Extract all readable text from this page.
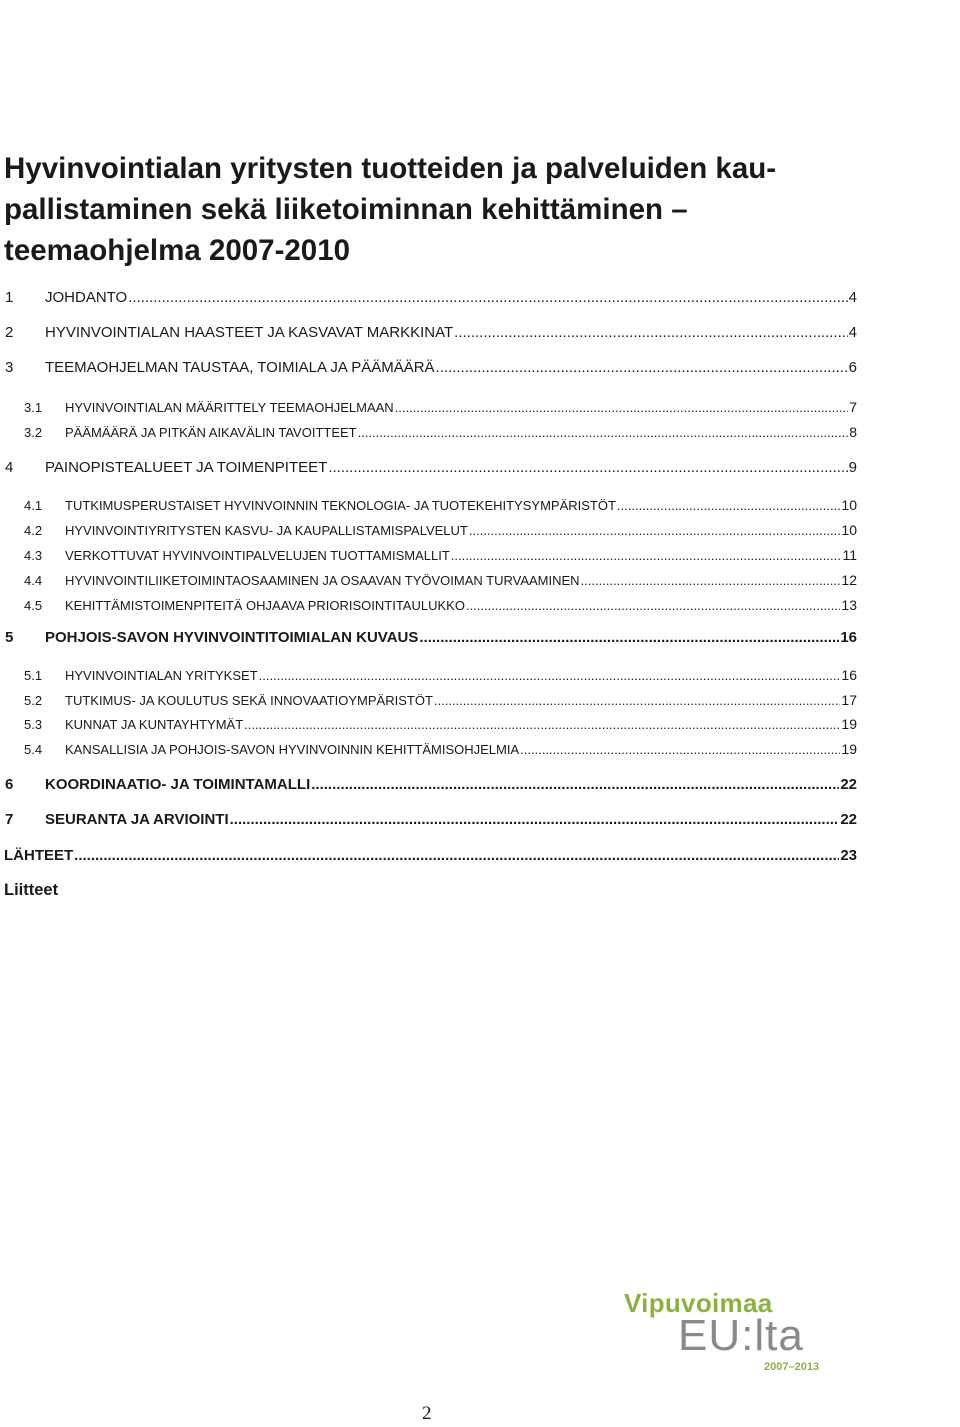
Hyvinvointialan yritysten tuotteiden ja palveluiden kau-
pallistaminen sekä liiketoiminnan kehittäminen –
teemaohjelma 2007-2010
1	JOHDANTO .....	4
2	HYVINVOINTIALAN HAASTEET JA KASVAVAT MARKKINAT .....	4
3	TEEMAOHJELMAN TAUSTAA, TOIMIALA JA PÄÄMÄÄRÄ .....	6
3.1	HYVINVOINTIALAN MÄÄRITTELY TEEMAOHJELMAAN .....	7
3.2	PÄÄMÄÄRÄ JA PITKÄN AIKAVÄLIN TAVOITTEET .....	8
4	PAINOPISTEALUEET JA TOIMENPITEET .....	9
4.1	TUTKIMUSPERUSTAISET HYVINVOINNIN TEKNOLOGIA- JA TUOTEKEHITYSYMPÄRISTÖT .....	10
4.2	HYVINVOINTIYRITYSTEN KASVU- JA KAUPALLISTAMISPALVELUT .....	10
4.3	VERKOTTUVAT HYVINVOINTIPALVELUJEN TUOTTAMISMALLIT .....	11
4.4	HYVINVOINTILIIKETOIMINTAOSAAMINEN JA OSAAVAN TYÖVOIMAN TURVAAMINEN .....	12
4.5	KEHITTÄMISTOIMENPITEITÄ OHJAAVA PRIORISOINTITAULUKKO .....	13
5	POHJOIS-SAVON HYVINVOINTITOIMIALAN KUVAUS .....	16
5.1	HYVINVOINTIALAN YRITYKSET .....	16
5.2	TUTKIMUS- JA KOULUTUS SEKÄ INNOVAATIOYMPÄRISTÖT .....	17
5.3	KUNNAT JA KUNTAYHTYMÄT .....	19
5.4	KANSALLISIA JA POHJOIS-SAVON HYVINVOINNIN KEHITTÄMISOHJELMIA .....	19
6	KOORDINAATIO- JA TOIMINTAMALLI .....	22
7	SEURANTA JA ARVIOINTI .....	22
LÄHTEET .....	23

Liitteet

Vipuvoimaa
EU:lta
2007–2013

2
